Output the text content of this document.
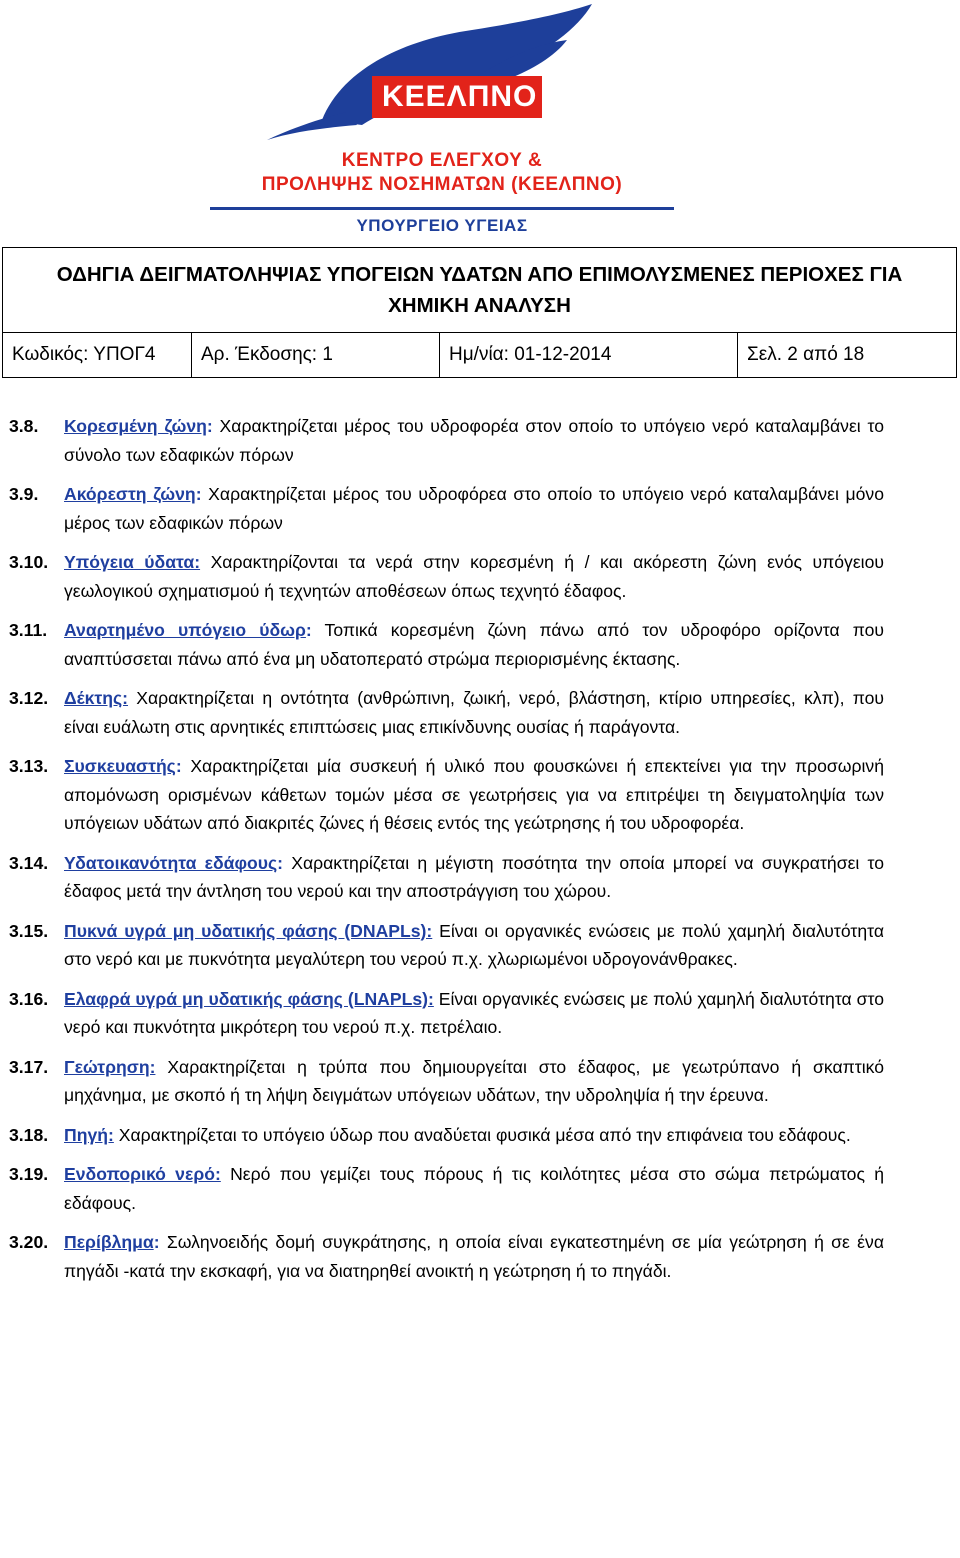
ΚΕΕΛΠΝΟ
ΚΕΝΤΡΟ ΕΛΕΓΧΟΥ &
ΠΡΟΛΗΨΗΣ ΝΟΣΗΜΑΤΩΝ (ΚΕΕΛΠΝΟ)
ΥΠΟΥΡΓΕΙΟ ΥΓΕΙΑΣ
ΟΔΗΓΙΑ ΔΕΙΓΜΑΤΟΛΗΨΙΑΣ ΥΠΟΓΕΙΩΝ ΥΔΑΤΩΝ ΑΠΟ ΕΠΙΜΟΛΥΣΜΕΝΕΣ ΠΕΡΙΟΧΕΣ ΓΙΑ
ΧΗΜΙΚΗ ΑΝΑΛΥΣΗ

Κωδικός: ΥΠΟΓ4	Αρ. Έκδοσης: 1	Ημ/νία: 01-12-2014	Σελ. 2 από 18
3.8.	Κορεσμένη ζώνη: Χαρακτηρίζεται μέρος του υδροφορέα στον οποίο το υπόγειο νερό καταλαμβάνει το σύνολο των εδαφικών πόρων
3.9.	Ακόρεστη ζώνη: Χαρακτηρίζεται μέρος του υδροφόρεα στο οποίο το υπόγειο νερό καταλαμβάνει μόνο μέρος των εδαφικών πόρων
3.10. Υπόγεια ύδατα: Χαρακτηρίζονται τα νερά στην κορεσμένη ή / και ακόρεστη ζώνη ενός υπόγειου γεωλογικού σχηματισμού ή τεχνητών αποθέσεων όπως τεχνητό έδαφος.
3.11. Αναρτημένο υπόγειο ύδωρ: Τοπικά κορεσμένη ζώνη πάνω από τον υδροφόρο ορίζοντα που αναπτύσσεται πάνω από ένα μη υδατοπερατό στρώμα περιορισμένης έκτασης.
3.12. Δέκτης: Χαρακτηρίζεται η οντότητα (ανθρώπινη, ζωική, νερό, βλάστηση, κτίριο υπηρεσίες, κλπ), που είναι ευάλωτη στις αρνητικές επιπτώσεις μιας επικίνδυνης ουσίας ή παράγοντα.
3.13. Συσκευαστής: Χαρακτηρίζεται μία συσκευή ή υλικό που φουσκώνει ή επεκτείνει για την προσωρινή απομόνωση ορισμένων κάθετων τομών μέσα σε γεωτρήσεις για να επιτρέψει τη δειγματοληψία των υπόγειων υδάτων από διακριτές ζώνες ή θέσεις εντός της γεώτρησης ή του υδροφορέα.
3.14. Υδατοικανότητα εδάφους: Χαρακτηρίζεται η μέγιστη ποσότητα την οποία μπορεί να συγκρατήσει το έδαφος μετά την άντληση του νερού και την αποστράγγιση του χώρου.
3.15. Πυκνά υγρά μη υδατικής φάσης (DNAPLs): Είναι οι οργανικές ενώσεις με πολύ χαμηλή διαλυτότητα στο νερό και με πυκνότητα μεγαλύτερη του νερού π.χ. χλωριωμένοι υδρογονάνθρακες.
3.16. Ελαφρά υγρά μη υδατικής φάσης (LNAPLs): Είναι οργανικές ενώσεις με πολύ χαμηλή διαλυτότητα στο νερό και πυκνότητα μικρότερη του νερού π.χ. πετρέλαιο.
3.17. Γεώτρηση: Χαρακτηρίζεται η τρύπα που δημιουργείται στο έδαφος, με γεωτρύπανο ή σκαπτικό μηχάνημα, με σκοπό ή τη λήψη δειγμάτων υπόγειων υδάτων, την υδροληψία ή την έρευνα.
3.18. Πηγή: Χαρακτηρίζεται το υπόγειο ύδωρ που αναδύεται φυσικά μέσα από την επιφάνεια του εδάφους.
3.19. Ενδοπορικό νερό: Νερό που γεμίζει τους πόρους ή τις κοιλότητες μέσα στο σώμα πετρώματος ή εδάφους.
3.20. Περίβλημα: Σωληνοειδής δομή συγκράτησης, η οποία είναι εγκατεστημένη σε μία γεώτρηση ή σε ένα πηγάδι -κατά την εκσκαφή, για να διατηρηθεί ανοικτή η γεώτρηση ή το πηγάδι.
